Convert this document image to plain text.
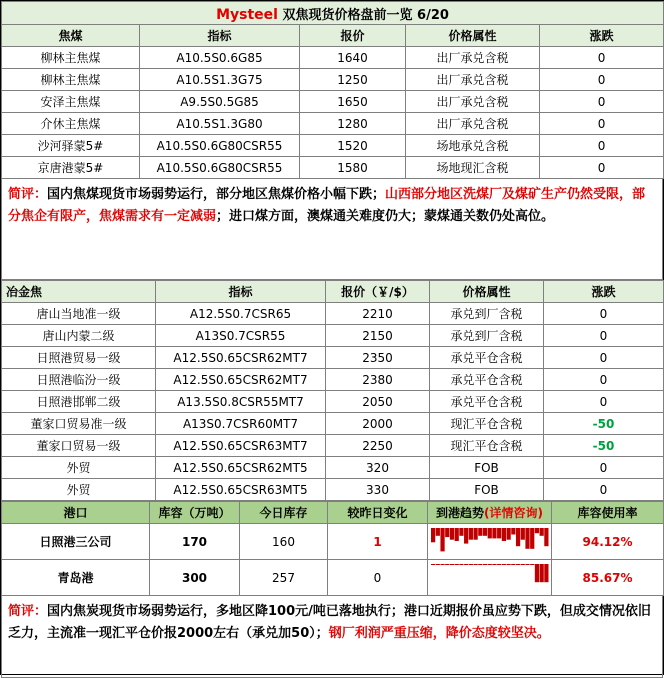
Mysteel 双焦现货价格盘前一览 6/20				
焦煤	指标	报价	价格属性	涨跌
柳林主焦煤	A10.5S0.6G85	1640	出厂承兑含税	0
柳林主焦煤	A10.5S1.3G75	1250	出厂承兑含税	0
安泽主焦煤	A9.5S0.5G85	1650	出厂承兑含税	0
介休主焦煤	A10.5S1.3G80	1280	出厂承兑含税	0
沙河驿蒙5#	A10.5S0.6G80CSR55	1520	场地承兑含税	0
京唐港蒙5#	A10.5S0.6G80CSR55	1580	场地现汇含税	0
简评：国内焦煤现货市场弱势运行，部分地区焦煤价格小幅下跌；山西部分地区洗煤厂及煤矿生产仍然受限，部分焦企有限产，焦煤需求有一定减弱；进口煤方面，澳煤通关难度仍大；蒙煤通关数仍处高位。
冶金焦	指标	报价（￥/$）	价格属性	涨跌
唐山当地准一级	A12.5S0.7CSR65	2210	承兑到厂含税	0
唐山内蒙二级	A13S0.7CSR55	2150	承兑到厂含税	0
日照港贸易一级	A12.5S0.65CSR62MT7	2350	承兑平仓含税	0
日照港临汾一级	A12.5S0.65CSR62MT7	2380	承兑平仓含税	0
日照港邯郸二级	A13.5S0.8CSR55MT7	2050	承兑平仓含税	0
董家口贸易准一级	A13S0.7CSR60MT7	2000	现汇平仓含税	-50
董家口贸易一级	A12.5S0.65CSR63MT7	2250	现汇平仓含税	-50
外贸	A12.5S0.65CSR62MT5	320	FOB	0
外贸	A12.5S0.65CSR63MT5	330	FOB	0
港口	库容（万吨）	今日库存	较昨日变化	到港趋势(详情咨询)	库容使用率
日照港三公司	170	160	1		94.12%
青岛港	300	257	0		85.67%
简评：国内焦炭现货市场弱势运行，多地区降100元/吨已落地执行；港口近期报价虽应势下跌，但成交情况依旧乏力，主流准一现汇平仓价报2000左右（承兑加50）；钢厂利润严重压缩，降价态度较坚决。
